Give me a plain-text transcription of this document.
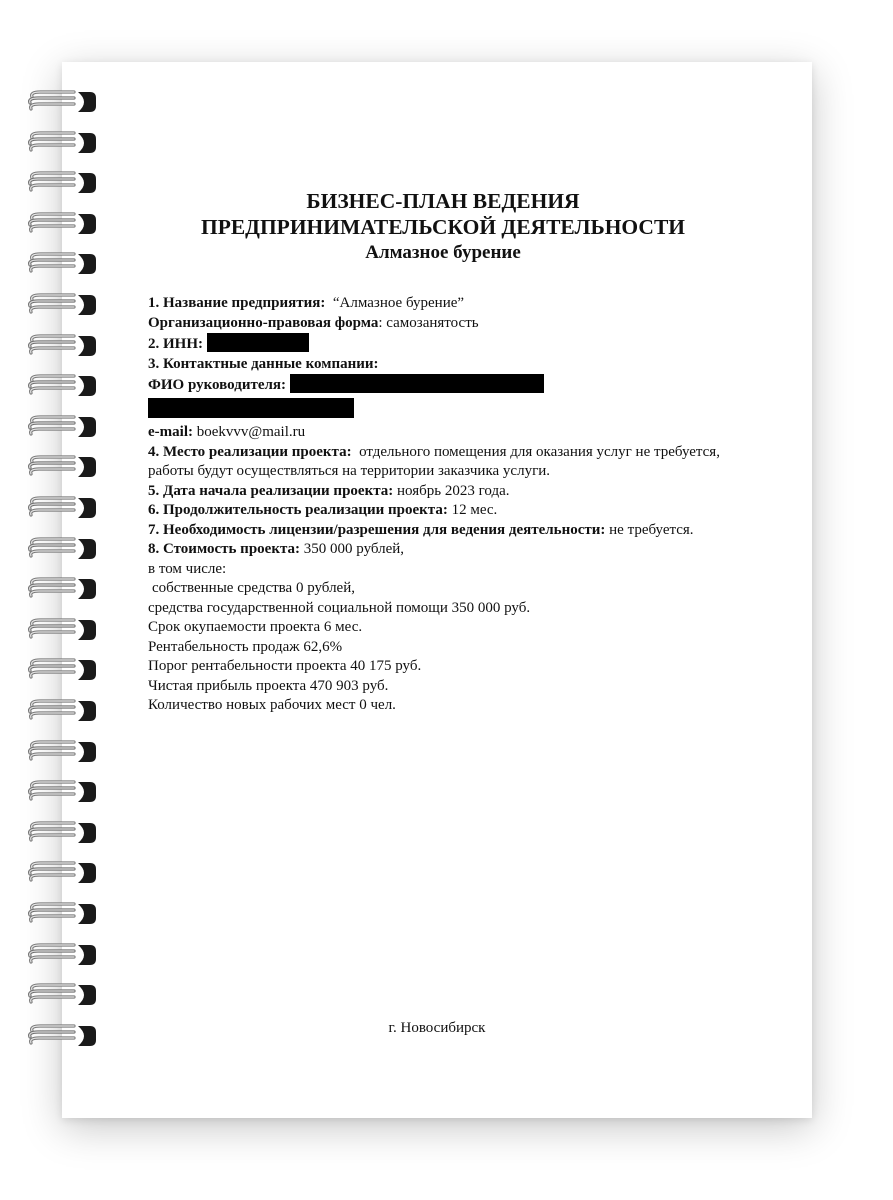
БИЗНЕС-ПЛАН ВЕДЕНИЯ
ПРЕДПРИНИМАТЕЛЬСКОЙ ДЕЯТЕЛЬНОСТИ
Алмазное бурение

1. Название предприятия: “Алмазное бурение”

Организационно-правовая форма: самозанятость

2. ИНН:

3. Контактные данные компании:

ФИО руководителя:

e-mail: boekvvv@mail.ru

4. Место реализации проекта: отдельного помещения для оказания услуг не требуется, работы будут осуществляться на территории заказчика услуги.

5. Дата начала реализации проекта: ноябрь 2023 года.

6. Продолжительность реализации проекта: 12 мес.

7. Необходимость лицензии/разрешения для ведения деятельности: не требуется.

8. Стоимость проекта: 350 000 рублей,

в том числе:

собственные средства 0 рублей,

средства государственной социальной помощи 350 000 руб.

Срок окупаемости проекта 6 мес.

Рентабельность продаж 62,6%

Порог рентабельности проекта 40 175 руб.

Чистая прибыль проекта 470 903 руб.

Количество новых рабочих мест 0 чел.

г. Новосибирск
